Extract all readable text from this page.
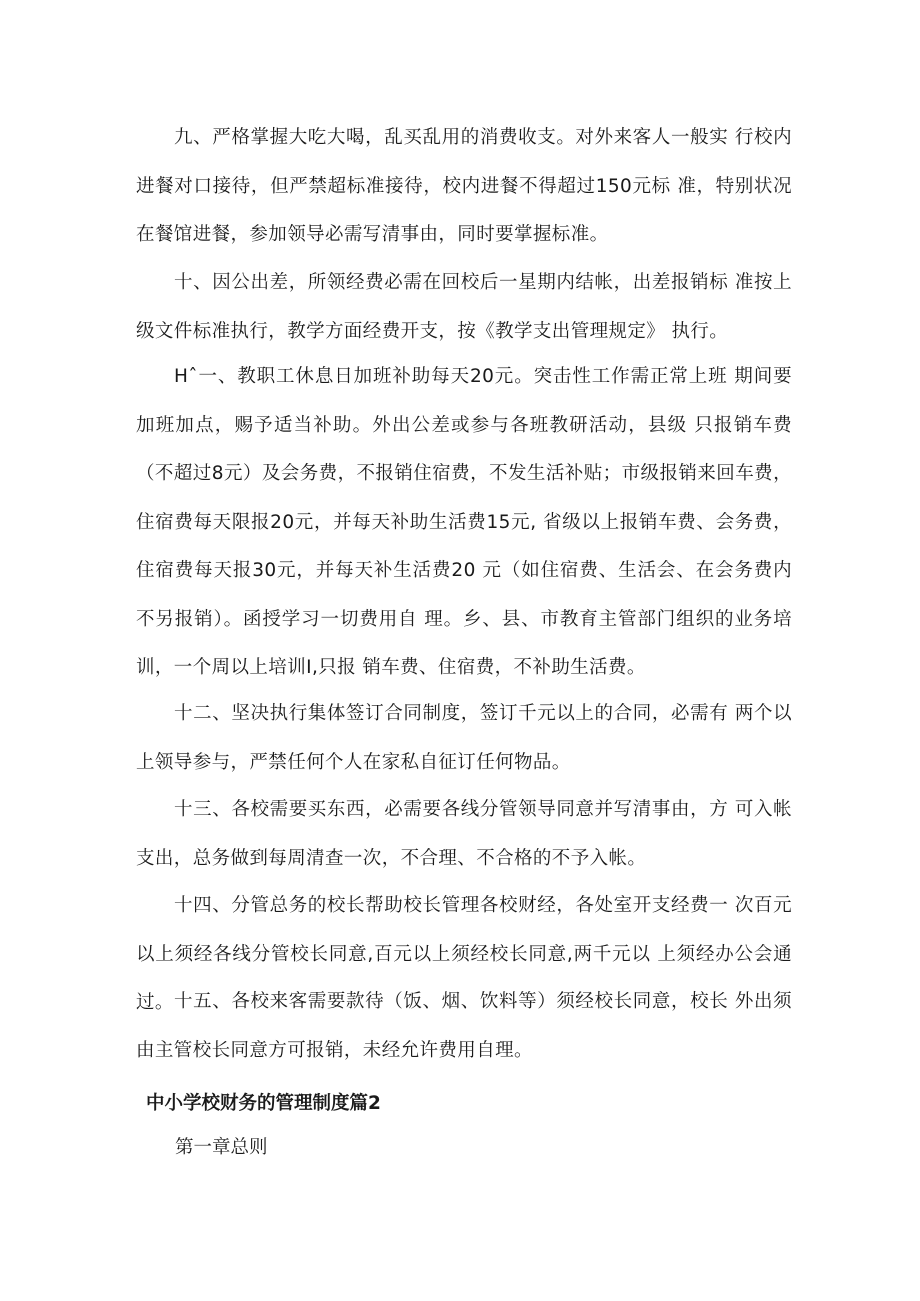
九、严格掌握大吃大喝，乱买乱用的消费收支。对外来客人一般实 行校内进餐对口接待，但严禁超标准接待，校内进餐不得超过150元标 准，特别状况在餐馆进餐，参加领导必需写清事由，同时要掌握标准。

十、因公出差，所领经费必需在回校后一星期内结帐，出差报销标 准按上级文件标准执行，教学方面经费开支，按《教学支出管理规定》 执行。

Hˆ一、教职工休息日加班补助每天20元。突击性工作需正常上班 期间要加班加点，赐予适当补助。外出公差或参与各班教研活动，县级 只报销车费（不超过8元）及会务费，不报销住宿费，不发生活补贴；市级报销来回车费，住宿费每天限报20元，并每天补助生活费15元, 省级以上报销车费、会务费，住宿费每天报30元，并每天补生活费20 元（如住宿费、生活会、在会务费内不另报销）。函授学习一切费用自 理。乡、县、市教育主管部门组织的业务培训，一个周以上培训I,只报 销车费、住宿费，不补助生活费。

十二、坚决执行集体签订合同制度，签订千元以上的合同，必需有 两个以上领导参与，严禁任何个人在家私自征订任何物品。

十三、各校需要买东西，必需要各线分管领导同意并写清事由，方 可入帐支出，总务做到每周清查一次，不合理、不合格的不予入帐。

十四、分管总务的校长帮助校长管理各校财经，各处室开支经费一 次百元以上须经各线分管校长同意,百元以上须经校长同意,两千元以 上须经办公会通过。 十五、各校来客需要款待（饭、烟、饮料等）须经校长同意，校长 外出须由主管校长同意方可报销，未经允许费用自理。

中小学校财务的管理制度篇2

第一章总则
